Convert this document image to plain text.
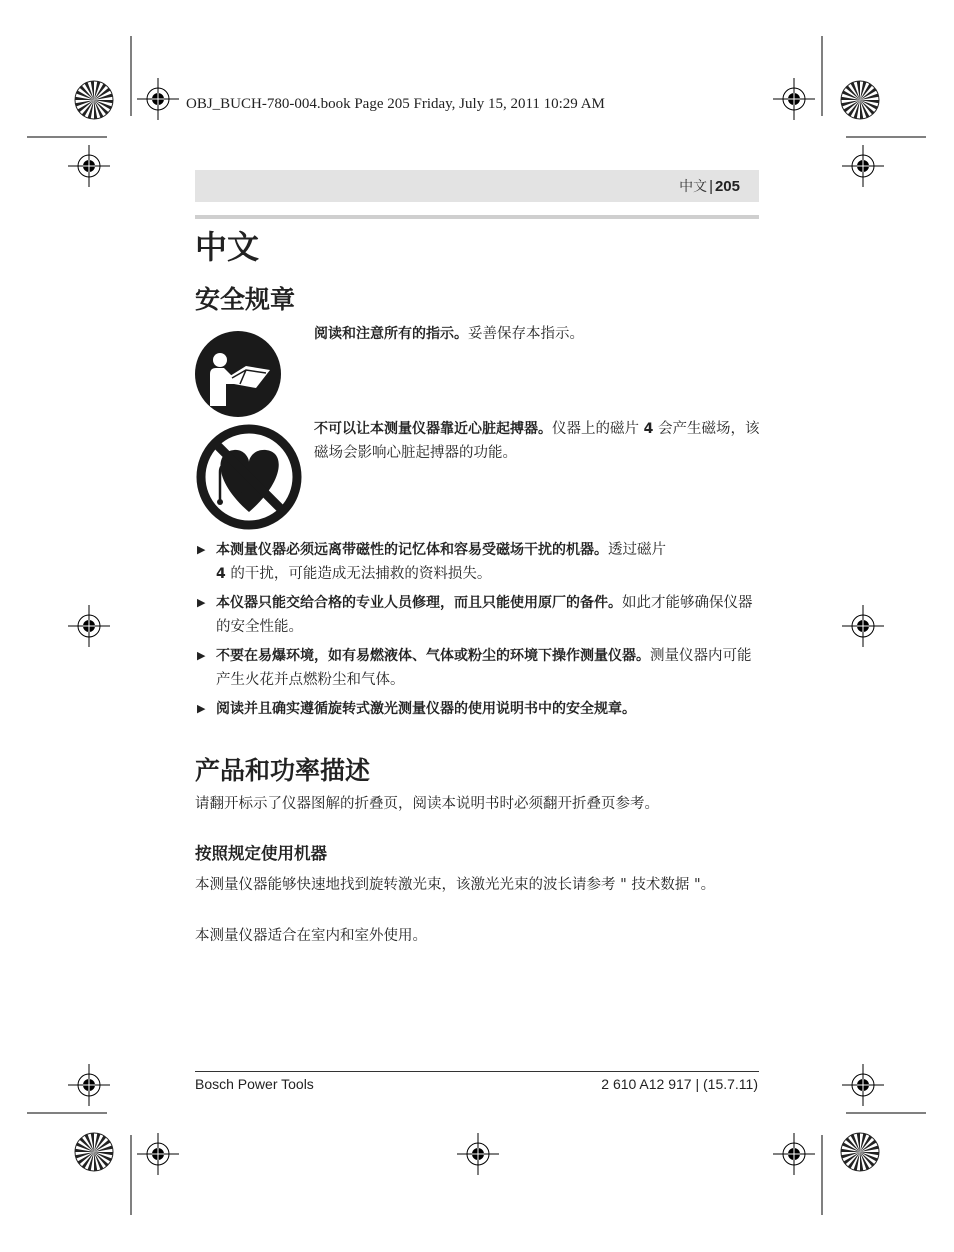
OBJ_BUCH-780-004.book Page 205 Friday, July 15, 2011 10:29 AM
中文 | 205
中文
安全规章
阅读和注意所有的指示。妥善保存本指示。
不可以让本测量仪器靠近心脏起搏器。仪器上的磁片 4 会产生磁场，该磁场会影响心脏起搏器的功能。
▶ 本测量仪器必须远离带磁性的记忆体和容易受磁场干扰的机器。透过磁片
4 的干扰，可能造成无法捕救的资料损失。
▶ 本仪器只能交给合格的专业人员修理，而且只能使用原厂的备件。如此才能够确保仪器的安全性能。
▶ 不要在易爆环境，如有易燃液体、气体或粉尘的环境下操作测量仪器。测量仪器内可能产生火花并点燃粉尘和气体。
▶ 阅读并且确实遵循旋转式激光测量仪器的使用说明书中的安全规章。
产品和功率描述
请翻开标示了仪器图解的折叠页，阅读本说明书时必须翻开折叠页参考。
按照规定使用机器
本测量仪器能够快速地找到旋转激光束，该激光光束的波长请参考 " 技术数据 "。
本测量仪器适合在室内和室外使用。
Bosch Power Tools	2 610 A12 917 | (15.7.11)
